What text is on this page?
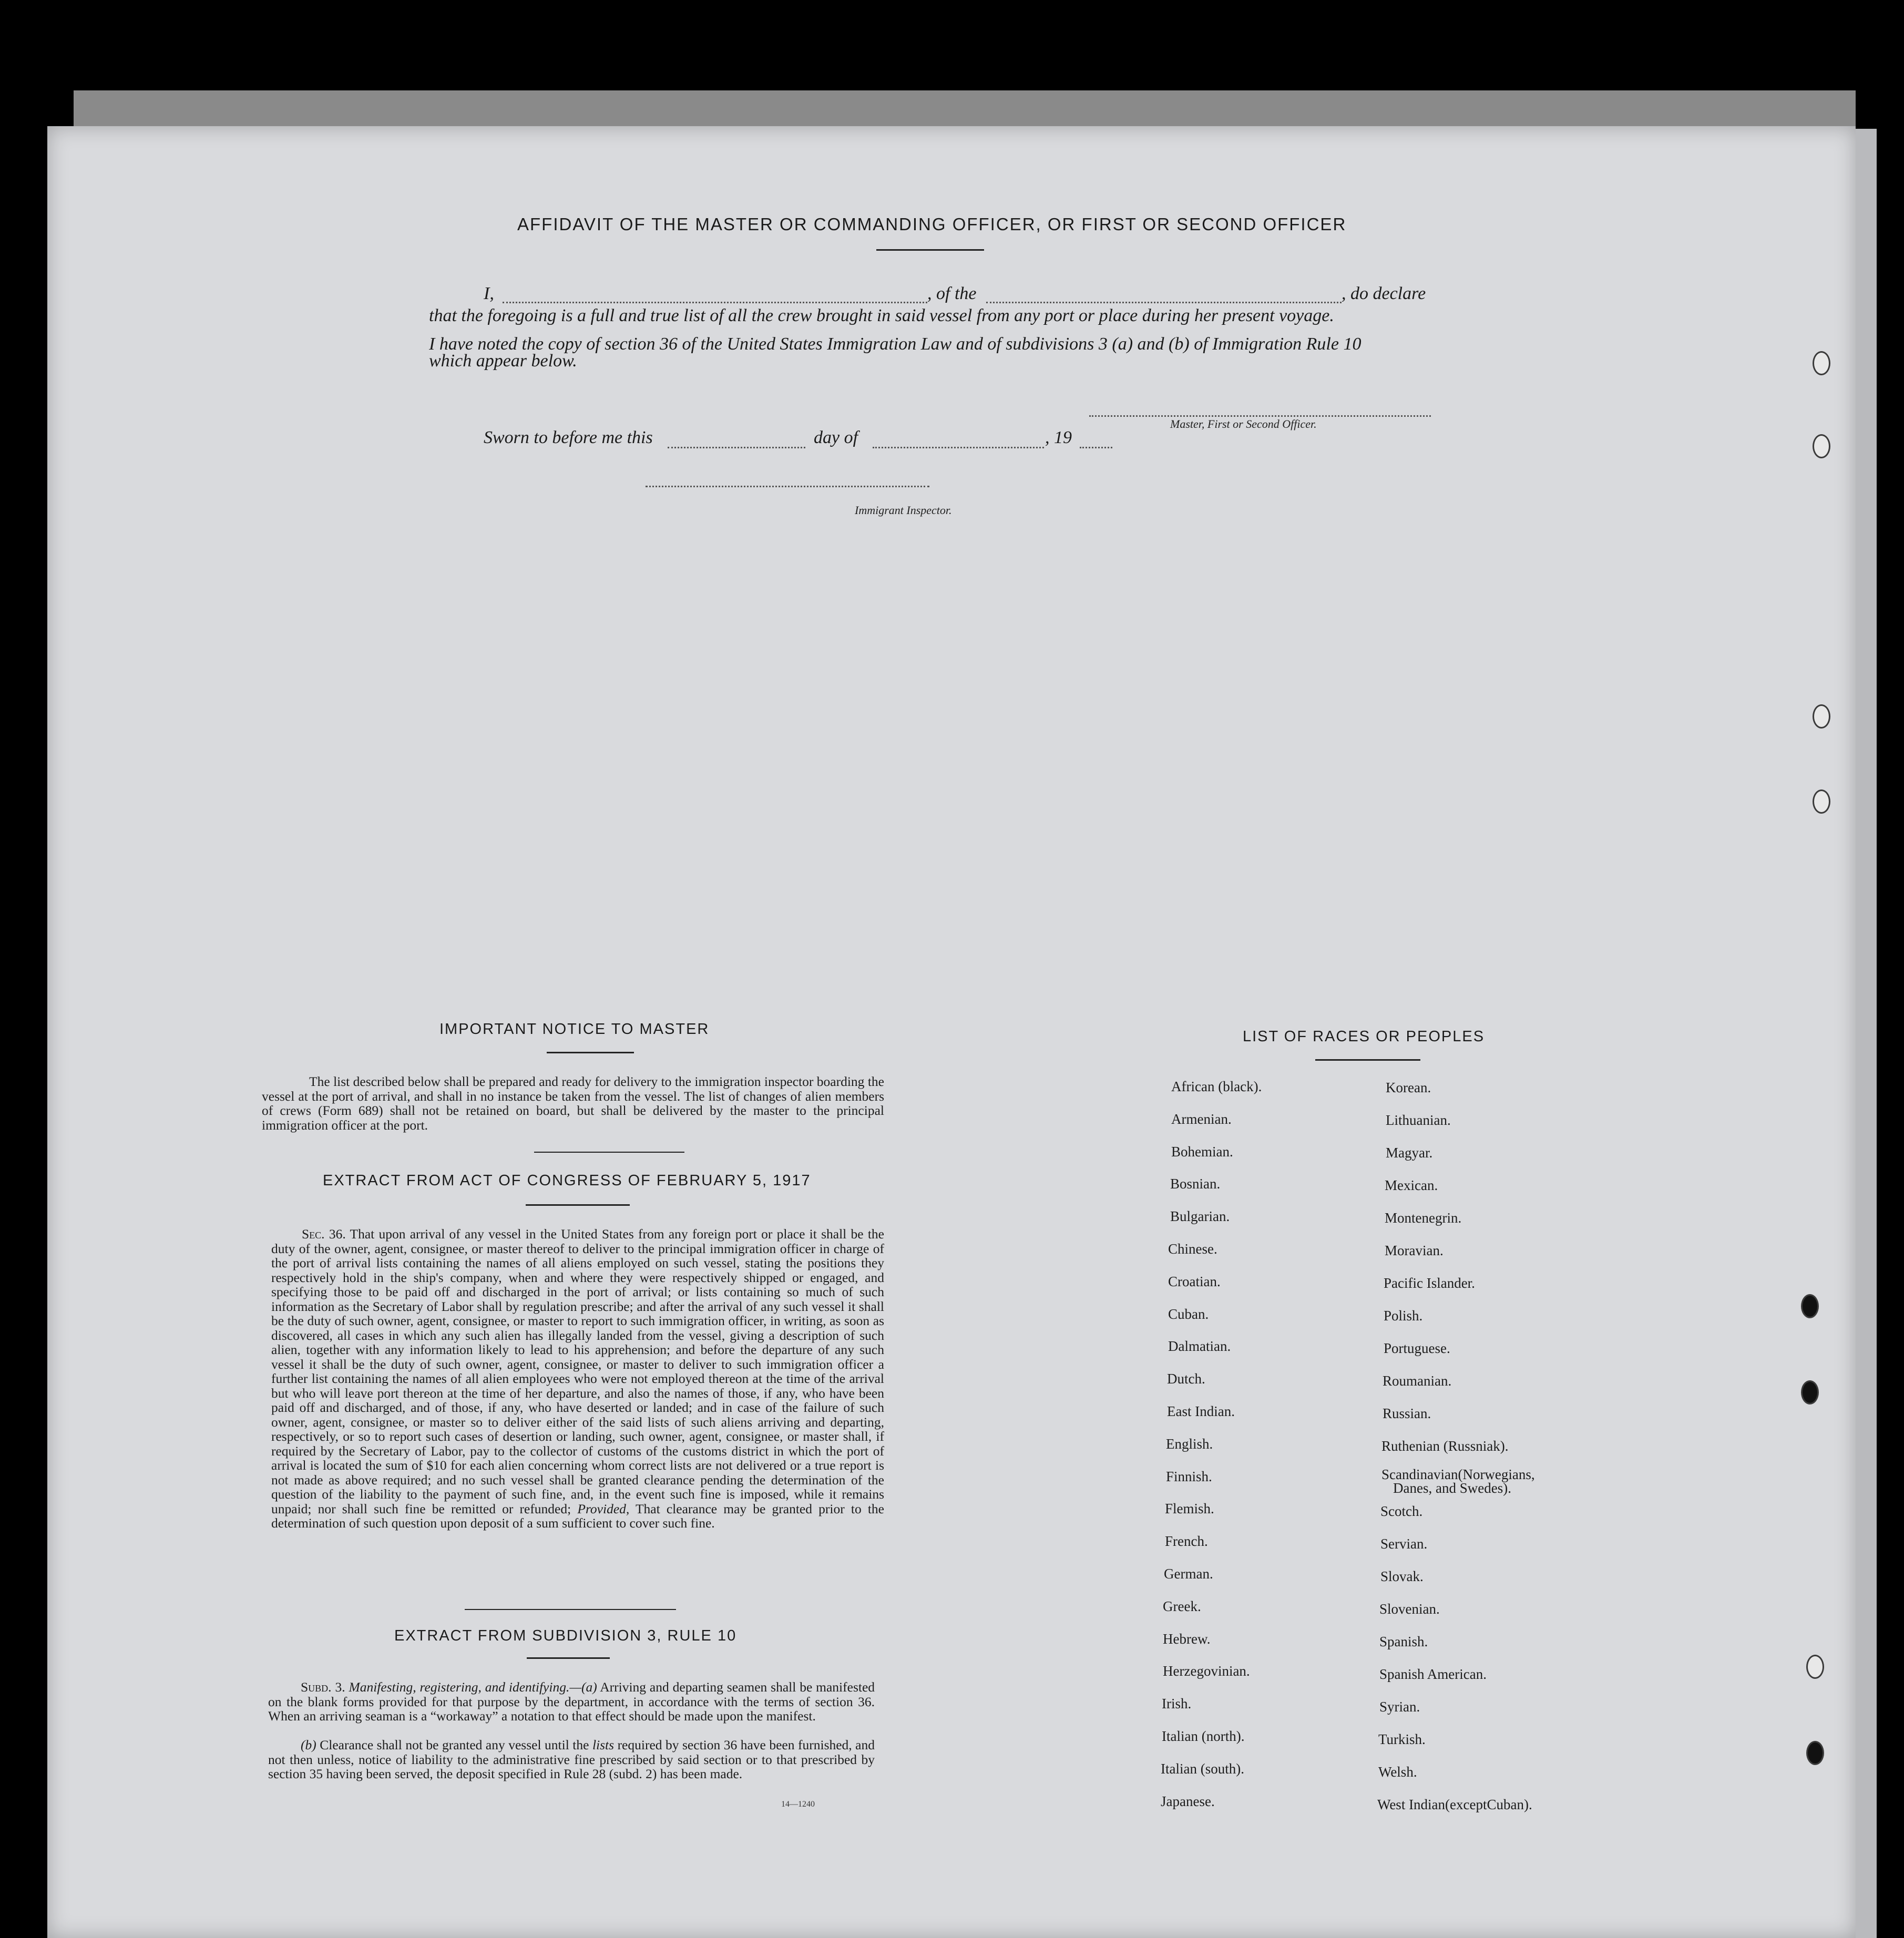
AFFIDAVIT OF THE MASTER OR COMMANDING OFFICER, OR FIRST OR SECOND OFFICER
I,	, of the	, do declare
that the foregoing is a full and true list of all the crew brought in said vessel from any port or place during her present voyage.
I have noted the copy of section 36 of the United States Immigration Law and of subdivisions 3 (a) and (b) of Immigration Rule 10
which appear below.
Master, First or Second Officer.
Sworn to before me this	day of	, 19
Immigrant Inspector.
IMPORTANT NOTICE TO MASTER
The list described below shall be prepared and ready for delivery to the immigration inspector boarding the vessel at the port of arrival, and shall in no instance be taken from the vessel. The list of changes of alien members of crews (Form 689) shall not be retained on board, but shall be delivered by the master to the principal immigration officer at the port.
EXTRACT FROM ACT OF CONGRESS OF FEBRUARY 5, 1917
Sec. 36. That upon arrival of any vessel in the United States from any foreign port or place it shall be the duty of the owner, agent, consignee, or master thereof to deliver to the principal immigration officer in charge of the port of arrival lists containing the names of all aliens employed on such vessel, stating the positions they respectively hold in the ship's company, when and where they were respectively shipped or engaged, and specifying those to be paid off and discharged in the port of arrival; or lists containing so much of such information as the Secretary of Labor shall by regulation prescribe; and after the arrival of any such vessel it shall be the duty of such owner, agent, consignee, or master to report to such immigration officer, in writing, as soon as discovered, all cases in which any such alien has illegally landed from the vessel, giving a description of such alien, together with any information likely to lead to his apprehension; and before the departure of any such vessel it shall be the duty of such owner, agent, consignee, or master to deliver to such immigration officer a further list containing the names of all alien employees who were not employed thereon at the time of the arrival but who will leave port thereon at the time of her departure, and also the names of those, if any, who have been paid off and discharged, and of those, if any, who have deserted or landed; and in case of the failure of such owner, agent, consignee, or master so to deliver either of the said lists of such aliens arriving and departing, respectively, or so to report such cases of desertion or landing, such owner, agent, consignee, or master shall, if required by the Secretary of Labor, pay to the collector of customs of the customs district in which the port of arrival is located the sum of $10 for each alien concerning whom correct lists are not delivered or a true report is not made as above required; and no such vessel shall be granted clearance pending the determination of the question of the liability to the payment of such fine, and, in the event such fine is imposed, while it remains unpaid; nor shall such fine be remitted or refunded; Provided, That clearance may be granted prior to the determination of such question upon deposit of a sum sufficient to cover such fine.
EXTRACT FROM SUBDIVISION 3, RULE 10
Subd. 3. Manifesting, registering, and identifying.—(a) Arriving and departing seamen shall be manifested on the blank forms provided for that purpose by the department, in accordance with the terms of section 36. When an arriving seaman is a “workaway” a notation to that effect should be made upon the manifest.
(b) Clearance shall not be granted any vessel until the lists required by section 36 have been furnished, and not then unless, notice of liability to the administrative fine prescribed by said section or to that prescribed by section 35 having been served, the deposit specified in Rule 28 (subd. 2) has been made.
14—1240
LIST OF RACES OR PEOPLES
African (black).
Armenian.
Bohemian.
Bosnian.
Bulgarian.
Chinese.
Croatian.
Cuban.
Dalmatian.
Dutch.
East Indian.
English.
Finnish.
Flemish.
French.
German.
Greek.
Hebrew.
Herzegovinian.
Irish.
Italian (north).
Italian (south).
Japanese.
Korean.
Lithuanian.
Magyar.
Mexican.
Montenegrin.
Moravian.
Pacific Islander.
Polish.
Portuguese.
Roumanian.
Russian.
Ruthenian (Russniak).
Scandinavian(Norwegians,
Danes, and Swedes).
Scotch.
Servian.
Slovak.
Slovenian.
Spanish.
Spanish American.
Syrian.
Turkish.
Welsh.
West Indian(exceptCuban).
